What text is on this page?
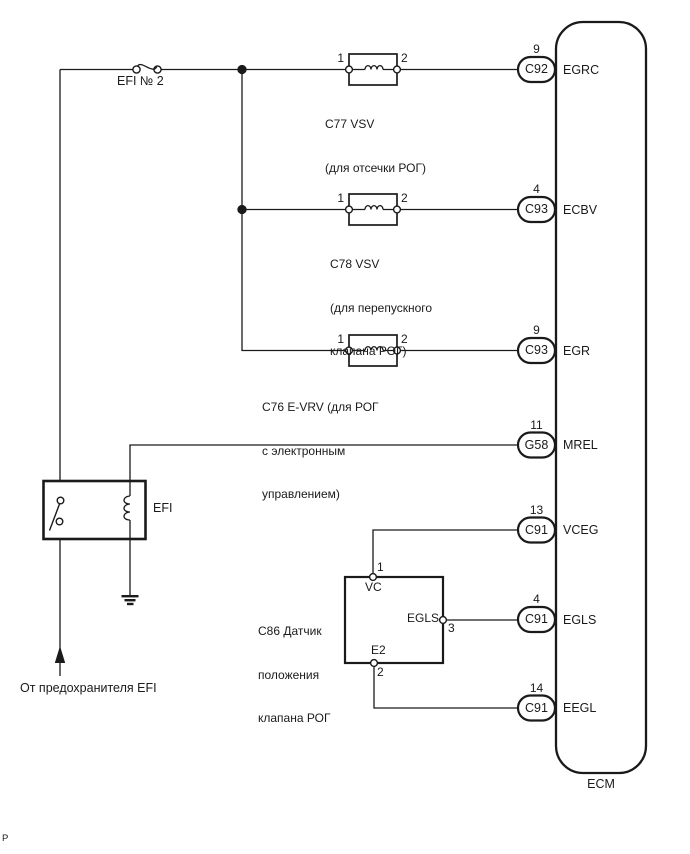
EFI № 2
От предохранителя EFI
1	2

C77 VSV

(для отсечки РОГ)

1	2

C78 VSV

(для перепускного

клапана РОГ)

1	2

C76 E-VRV (для РОГ

с электронным

управлением)

EFI

C86 Датчик

положения

клапана РОГ

1
VC
EGLS
3
E2
2
9
C92	EGRC
4
C93	ECBV
9
C93	EGR
11
G58	MREL
13
C91	VCEG
4
C91	EGLS
14
C91	EEGL
ECM
P
